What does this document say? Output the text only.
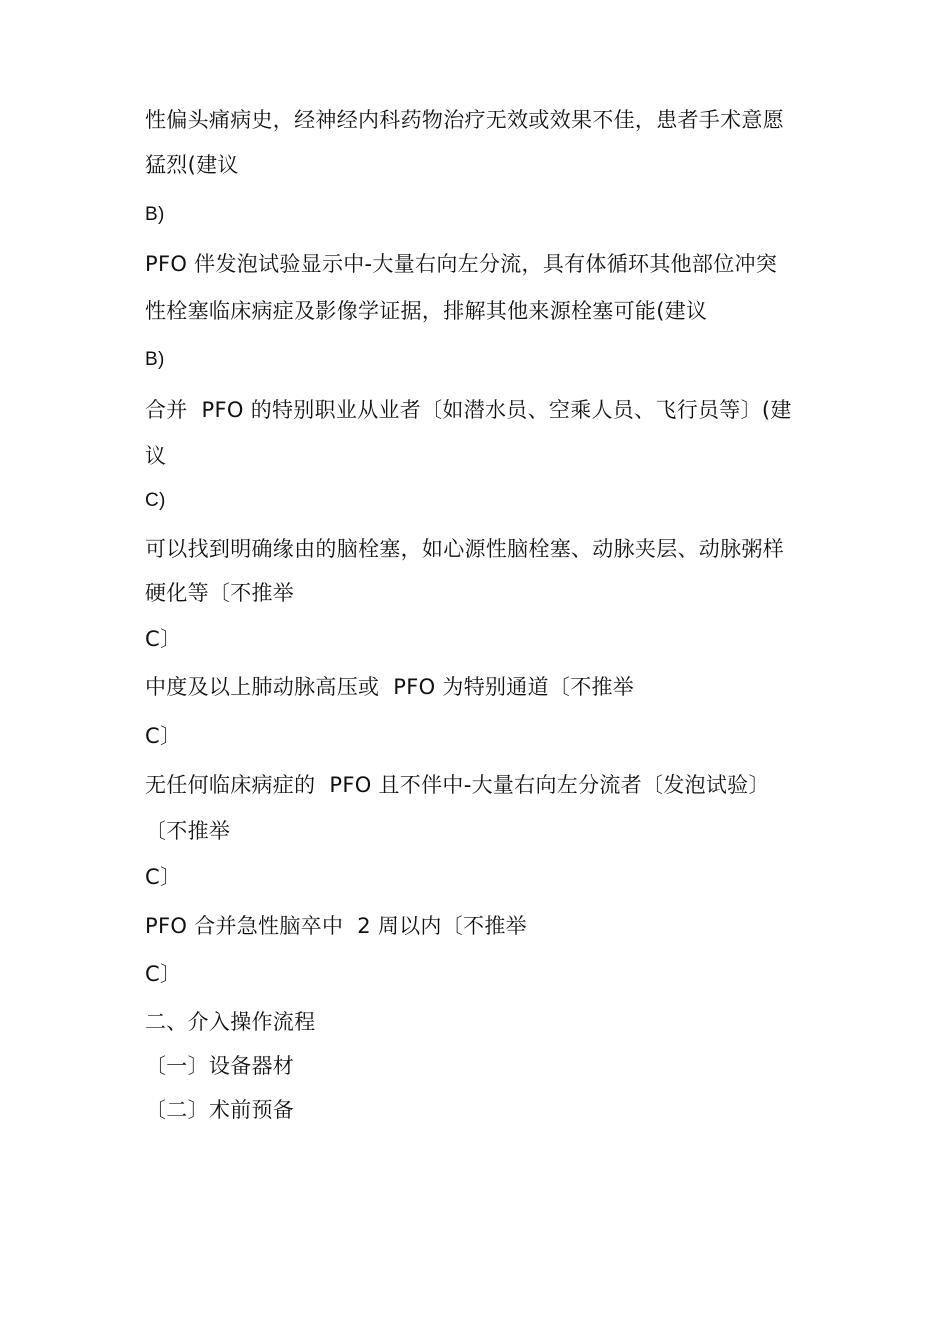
性偏头痛病史，经神经内科药物治疗无效或效果不佳，患者手术意愿
猛烈(建议
B)
PFO 伴发泡试验显示中-大量右向左分流，具有体循环其他部位冲突
性栓塞临床病症及影像学证据，排解其他来源栓塞可能(建议
B)
合并  PFO 的特别职业从业者〔如潜水员、空乘人员、飞行员等〕(建
议
C)
可以找到明确缘由的脑栓塞，如心源性脑栓塞、动脉夹层、动脉粥样
硬化等〔不推举
C〕
中度及以上肺动脉高压或  PFO 为特别通道〔不推举
C〕
无任何临床病症的  PFO 且不伴中-大量右向左分流者〔发泡试验〕
〔不推举
C〕
PFO 合并急性脑卒中  2 周以内〔不推举
C〕
二、介入操作流程
〔一〕设备器材
〔二〕术前预备
